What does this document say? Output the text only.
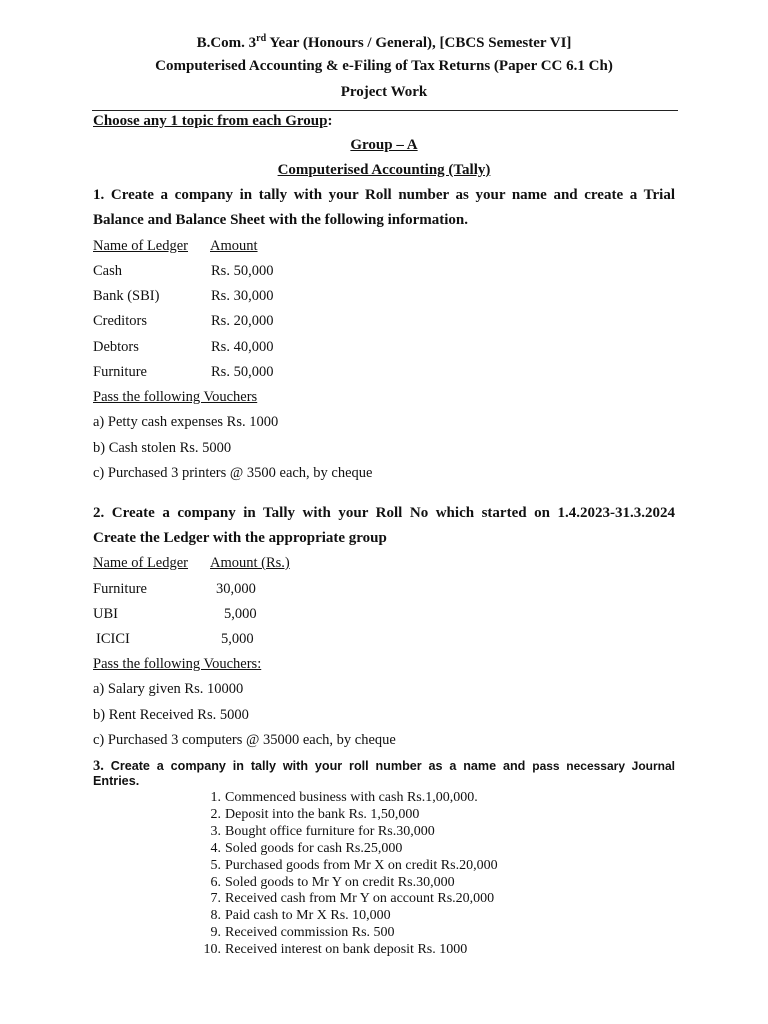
B.Com. 3rd Year (Honours / General), [CBCS Semester VI]
Computerised Accounting & e-Filing of Tax Returns (Paper CC 6.1 Ch)
Project Work
Choose any 1 topic from each Group:
Group – A
Computerised Accounting (Tally)
1. Create a company in tally with your Roll number as your name and create a Trial
Balance and Balance Sheet with the following information.
Name of Ledger Amount
Cash	Rs. 50,000
Bank (SBI)	Rs. 30,000
Creditors	Rs. 20,000
Debtors	Rs. 40,000
Furniture	Rs. 50,000
Pass the following Vouchers
a) Petty cash expenses Rs. 1000
b) Cash stolen Rs. 5000
c) Purchased 3 printers @ 3500 each, by cheque
2. Create a company in Tally with your Roll No which started on 1.4.2023-31.3.2024
Create the Ledger with the appropriate group
Name of Ledger Amount (Rs.)
Furniture	30,000
UBI	5,000
ICICI	5,000
Pass the following Vouchers:
a) Salary given Rs. 10000
b) Rent Received Rs. 5000
c) Purchased 3 computers @ 35000 each, by cheque
3. Create a company in tally with your roll number as a name and pass necessary Journal
Entries.
1. Commenced business with cash Rs.1,00,000.
2. Deposit into the bank Rs. 1,50,000
3. Bought office furniture for Rs.30,000
4. Soled goods for cash Rs.25,000
5. Purchased goods from Mr X on credit Rs.20,000
6. Soled goods to Mr Y on credit Rs.30,000
7. Received cash from Mr Y on account Rs.20,000
8. Paid cash to Mr X Rs. 10,000
9. Received commission Rs. 500
10. Received interest on bank deposit Rs. 1000
